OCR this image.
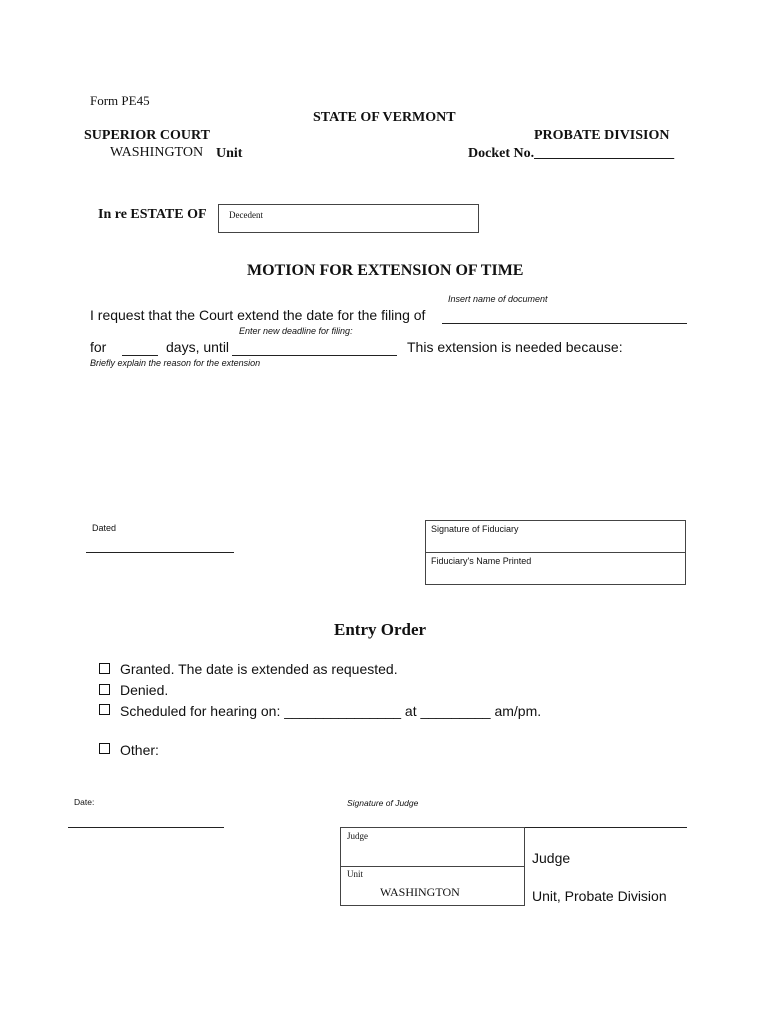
Form PE45
STATE OF VERMONT
SUPERIOR COURT	PROBATE DIVISION
WASHINGTON Unit	Docket No.____________________
In re ESTATE OF Decedent
MOTION FOR EXTENSION OF TIME
Insert name of document
I request that the Court extend the date for the filing of
Enter new deadline for filing:
for	days, until	This extension is needed because:
Briefly explain the reason for the extension
Dated	Signature of Fiduciary
Fiduciary's Name Printed
Entry Order
Granted. The date is extended as requested.
Denied.
Scheduled for hearing on: _______________ at _________ am/pm.
Other:
Date:	Signature of Judge
Judge
Unit
WASHINGTON
Judge
Unit, Probate Division
